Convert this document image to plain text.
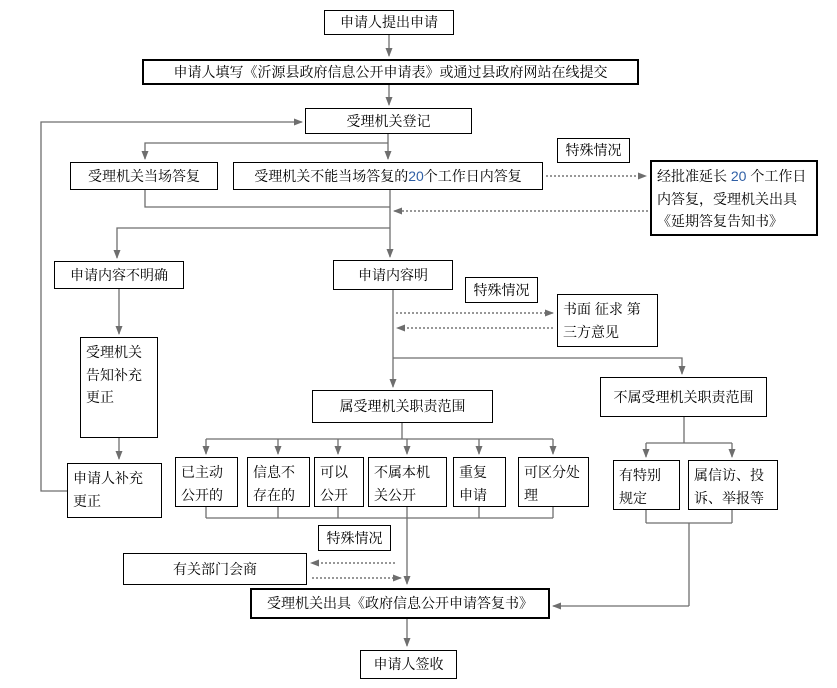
申请人提出申请
申请人填写《沂源县政府信息公开申请表》或通过县政府网站在线提交
受理机关登记
受理机关当场答复	受理机关不能当场答复的 20 个工作日内答复
特殊情况
经批准延长 20 个工作日内答复，受理机关出具《延期答复告知书》
申请内容不明确	申请内容明
特殊情况
书面 征求 第三方意见
受理机关告知补充更正
申请人补充更正
属受理机关职责范围
不属受理机关职责范围
已主动公开的
信息不存在的
可以公开
不属本机关公开
重复申请
可区分处理
有特别规定
属信访、投诉、举报等
特殊情况
有关部门会商
受理机关出具《政府信息公开申请答复书》
申请人签收
